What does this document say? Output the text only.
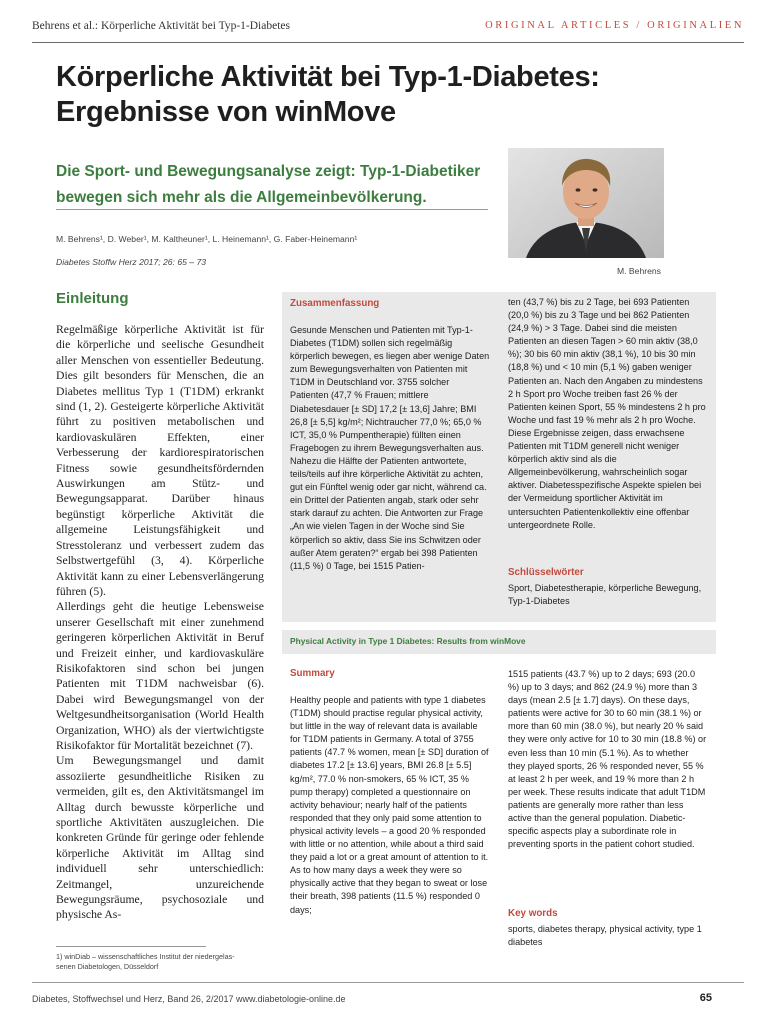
Behrens et al.: Körperliche Aktivität bei Typ-1-Diabetes	ORIGINAL ARTICLES / ORIGINALIEN
Körperliche Aktivität bei Typ-1-Diabetes:
Ergebnisse von winMove
Die Sport- und Bewegungsanalyse zeigt: Typ-1-Diabetiker
bewegen sich mehr als die Allgemeinbevölkerung.
M. Behrens¹, D. Weber¹, M. Kaltheuner¹, L. Heinemann¹, G. Faber-Heinemann¹
Diabetes Stoffw Herz 2017; 26: 65 – 73
M. Behrens
Einleitung

Regelmäßige körperliche Aktivität ist für die körperliche und seelische Gesundheit aller Menschen von essentieller Bedeutung. Dies gilt besonders für Menschen, die an Diabetes mellitus Typ 1 (T1DM) erkrankt sind (1, 2). Gesteigerte körperliche Aktivität führt zu positiven metabolischen und kardiovaskulären Effekten, einer Verbesserung der kardiorespiratorischen Fitness sowie gesundheitsfördernden Auswirkungen am Stütz- und Bewegungsapparat. Darüber hinaus begünstigt körperliche Aktivität die allgemeine Leistungsfähigkeit und Stresstoleranz und verbessert zudem das Selbstwertgefühl (3, 4). Körperliche Aktivität kann zu einer Lebensverlängerung führen (5).

Allerdings geht die heutige Lebensweise unserer Gesellschaft mit einer zunehmend geringeren körperlichen Aktivität in Beruf und Freizeit einher, und kardiovaskuläre Risikofaktoren sind schon bei jungen Patienten mit T1DM nachweisbar (6). Dabei wird Bewegungsmangel von der Weltgesundheitsorganisation (World Health Organization, WHO) als der viertwichtigste Risikofaktor für Mortalität bezeichnet (7).

Um Bewegungsmangel und damit assoziierte gesundheitliche Risiken zu vermeiden, gilt es, den Aktivitätsmangel im Alltag durch bewusste körperliche und sportliche Aktivitäten auszugleichen. Die konkreten Gründe für geringe oder fehlende körperliche Aktivität im Alltag sind individuell sehr unterschiedlich: Zeitmangel, unzureichende Bewegungsräume, psychosoziale und physische As-

1) winDiab – wissenschaftliches Institut der niedergelas-
senen Diabetologen, Düsseldorf
Zusammenfassung
Gesunde Menschen und Patienten mit Typ-1-Diabetes (T1DM) sollen sich regelmäßig körperlich bewegen, es liegen aber wenige Daten zum Bewegungsverhalten von Patienten mit T1DM in Deutschland vor. 3755 solcher Patienten (47,7 % Frauen; mittlere Diabetesdauer [± SD] 17,2 [± 13,6] Jahre; BMI 26,8 [± 5,5] kg/m²; Nichtraucher 77,0 %; 65,0 % ICT, 35,0 % Pumpentherapie) füllten einen Fragebogen zu ihrem Bewegungsverhalten aus. Nahezu die Hälfte der Patienten antwortete, teils/teils auf ihre körperliche Aktivität zu achten, gut ein Fünftel wenig oder gar nicht, während ca. ein Drittel der Patienten angab, stark oder sehr stark darauf zu achten. Die Antworten zur Frage „An wie vielen Tagen in der Woche sind Sie körperlich so aktiv, dass Sie ins Schwitzen oder außer Atem geraten?“ ergab bei 398 Patienten (11,5 %) 0 Tage, bei 1515 Patien-
ten (43,7 %) bis zu 2 Tage, bei 693 Patienten (20,0 %) bis zu 3 Tage und bei 862 Patienten (24,9 %) > 3 Tage. Dabei sind die meisten Patienten an diesen Tagen > 60 min aktiv (38,0 %); 30 bis 60 min aktiv (38,1 %), 10 bis 30 min (18,8 %) und < 10 min (5,1 %) gaben weniger Patienten an. Nach den Angaben zu mindestens 2 h Sport pro Woche treiben fast 26 % der Patienten keinen Sport, 55 % mindestens 2 h pro Woche und fast 19 % mehr als 2 h pro Woche. Diese Ergebnisse zeigen, dass erwachsene Patienten mit T1DM generell nicht weniger körperlich aktiv sind als die Allgemeinbevölkerung, wahrscheinlich sogar aktiver. Diabetesspezifische Aspekte spielen bei der Vermeidung sportlicher Aktivität im untersuchten Patientenkollektiv eine offenbar untergeordnete Rolle.
Schlüsselwörter
Sport, Diabetestherapie, körperliche Bewegung, Typ-1-Diabetes
Physical Activity in Type 1 Diabetes: Results from winMove
Summary
Healthy people and patients with type 1 diabetes (T1DM) should practise regular physical activity, but little in the way of relevant data is available for T1DM patients in Germany. A total of 3755 patients (47.7 % women, mean [± SD] duration of diabetes 17.2 [± 13.6] years, BMI 26.8 [± 5.5] kg/m², 77.0 % non-smokers, 65 % ICT, 35 % pump therapy) completed a questionnaire on activity behaviour; nearly half of the patients responded that they only paid some attention to physical activity levels – a good 20 % responded with little or no attention, while about a third said they paid a lot or a great amount of attention to it. As to how many days a week they were so physically active that they began to sweat or lose their breath, 398 patients (11.5 %) responded 0 days;
1515 patients (43.7 %) up to 2 days; 693 (20.0 %) up to 3 days; and 862 (24.9 %) more than 3 days (mean 2.5 [± 1.7] days). On these days, patients were active for 30 to 60 min (38.1 %) or more than 60 min (38.0 %), but nearly 20 % said they were only active for 10 to 30 min (18.8 %) or even less than 10 min (5.1 %). As to whether they played sports, 26 % responded never, 55 % at least 2 h per week, and 19 % more than 2 h per week. These results indicate that adult T1DM patients are generally more rather than less active than the general population. Diabetic-specific aspects play a subordinate role in preventing sports in the patient cohort studied.
Key words
sports, diabetes therapy, physical activity, type 1 diabetes
Diabetes, Stoffwechsel und Herz, Band 26, 2/2017 www.diabetologie-online.de	65
